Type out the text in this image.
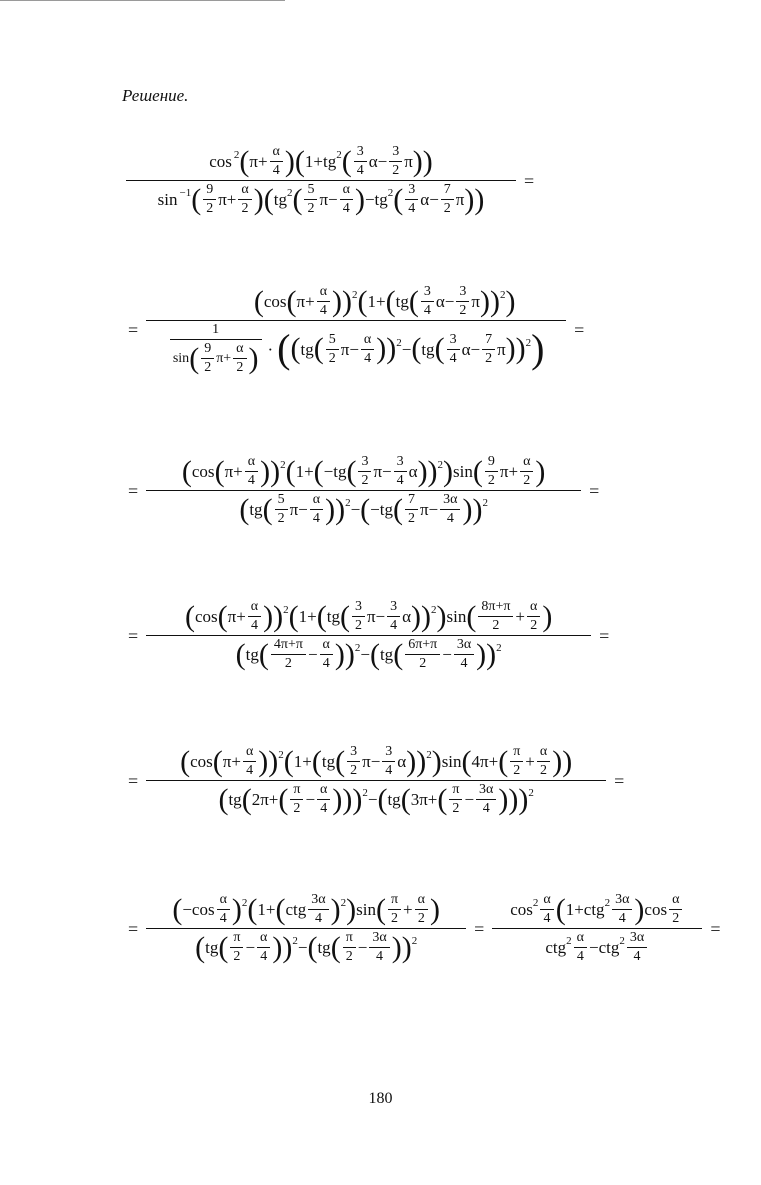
Решение.
$\frac{\cos 2 ( \pi+ \frac{\alpha}{4} ) ( 1+tg 2 ( \frac{3}{4} \alpha- \frac{3}{2} \pi ))}{\sin -1 ( \frac{9}{2} \pi+ \frac{\alpha}{2} ) ( tg 2 ( \frac{5}{2} \pi- \frac{\alpha}{4} ) -tg 2 ( \frac{3}{4} \alpha- \frac{7}{2} \pi ))}$ =
=
( cos ( $\pi+ \frac{\alpha}{4}$ )) 2 ( 1+ ( tg ( $\frac{3}{4} \alpha- \frac{3}{2}$ π )) 2 )
$\frac{1}{\sin ( \frac{9}{2} \pi+ \frac{\alpha}{2} )}$ · ( ( tg ( $\frac{5}{2} \pi- \frac{\alpha}{4}$ )) 2 − ( tg ( $\frac{3}{4} \alpha- \frac{7}{2}$ π )) 2 ) =
= $\frac{( \cos ( \pi+ \frac{\alpha}{4} )) 2 ( 1+ ( -tg ( \frac{3}{2} \pi- \frac{3}{4} \alpha )) 2 ) \sin ( \frac{9}{2} \pi+ \frac{\alpha}{2} )}{( tg ( \frac{5}{2} \pi- \frac{\alpha}{4} )) 2 - ( -tg ( \frac{7}{2} \pi- \frac{3\alpha}{4} )) 2}$ =
=
( cos ( $\pi+ \frac{\alpha}{4}$ )) 2 ( 1+ ( tg ( $\frac{3}{2} \pi- \frac{3}{4}$ α )) 2 ) sin ( $\frac{8\pi+\pi}{2} + \frac{\alpha}{2}$ )
( tg ( $\frac{4\pi+\pi}{2} - \frac{\alpha}{4}$ )) 2 − ( tg ( $\frac{6\pi+\pi}{2} - \frac{3\alpha}{4}$ )) 2
=
=
( cos ( $\pi+ \frac{\alpha}{4}$ )) 2 ( 1+ ( tg ( $\frac{3}{2} \pi- \frac{3}{4}$ α )) 2 ) sin ( 4π+ ( $\frac{\pi}{2} + \frac{\alpha}{2}$ ))
( tg ( 2π+ ( $\frac{\pi}{2} - \frac{\alpha}{4}$ ))) 2 − ( tg ( 3π+ ( $\frac{\pi}{2} - \frac{3\alpha}{4}$ ))) 2
=
= $\frac{( -\cos \frac{\alpha}{4} ) 2 ( 1+ ( ctg \frac{3\alpha}{4} ) 2 ) \sin ( \frac{\pi}{2} + \frac{\alpha}{2} )}{( tg ( \frac{\pi}{2} - \frac{\alpha}{4} )) 2 - ( tg ( \frac{\pi}{2} - \frac{3\alpha}{4} )) 2} = \frac{\cos 2 \frac{\alpha}{4} ( 1+ctg 2 \frac{3\alpha}{4} ) \cos \frac{\alpha}{2}}{ctg 2 \frac{\alpha}{4} -ctg 2 \frac{3\alpha}{4}}$ =
180
